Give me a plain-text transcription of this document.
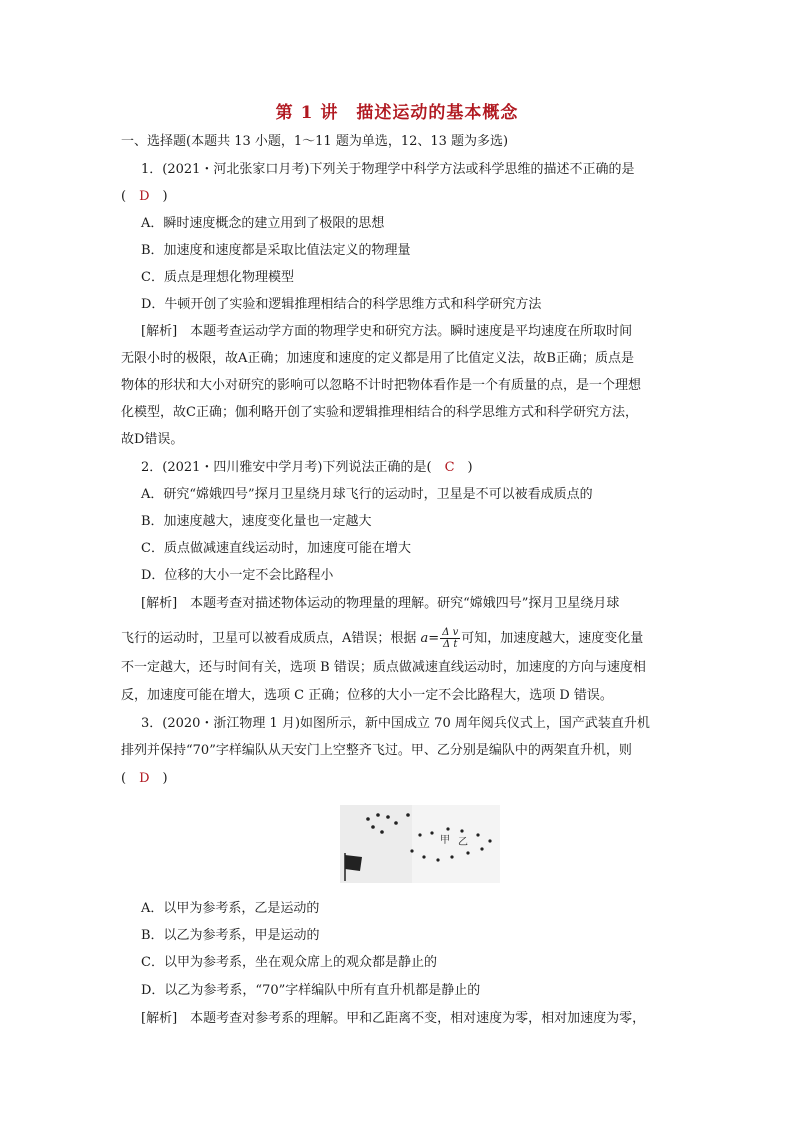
第 1 讲　描述运动的基本概念
一、选择题(本题共 13 小题，1～11 题为单选，12、13 题为多选)
1．(2021・河北张家口月考)下列关于物理学中科学方法或科学思维的描述不正确的是
(　D　)
A．瞬时速度概念的建立用到了极限的思想
B．加速度和速度都是采取比值法定义的物理量
C．质点是理想化物理模型
D．牛顿开创了实验和逻辑推理相结合的科学思维方式和科学研究方法
[解析]　本题考查运动学方面的物理学史和研究方法。瞬时速度是平均速度在所取时间
无限小时的极限，故A正确；加速度和速度的定义都是用了比值定义法，故B正确；质点是
物体的形状和大小对研究的影响可以忽略不计时把物体看作是一个有质量的点，是一个理想
化模型，故C正确；伽利略开创了实验和逻辑推理相结合的科学思维方式和科学研究方法，
故D错误。
2．(2021・四川雅安中学月考)下列说法正确的是(　C　)
A．研究“嫦娥四号”探月卫星绕月球飞行的运动时，卫星是不可以被看成质点的
B．加速度越大，速度变化量也一定越大
C．质点做减速直线运动时，加速度可能在增大
D．位移的大小一定不会比路程小
[解析]　本题考查对描述物体运动的物理量的理解。研究“嫦娥四号”探月卫星绕月球
飞行的运动时，卫星可以被看成质点，A错误；根据 $a= \frac{\text{Δ v}}{\text{Δ t}}$ 可知，加速度越大，速度变化量
不一定越大，还与时间有关，选项 B 错误；质点做减速直线运动时，加速度的方向与速度相
反，加速度可能在增大，选项 C 正确；位移的大小一定不会比路程大，选项 D 错误。
3．(2020・浙江物理 1 月)如图所示，新中国成立 70 周年阅兵仪式上，国产武装直升机
排列并保持“70”字样编队从天安门上空整齐飞过。甲、乙分别是编队中的两架直升机，则
(　D　)
甲 乙
A．以甲为参考系，乙是运动的
B．以乙为参考系，甲是运动的
C．以甲为参考系，坐在观众席上的观众都是静止的
D．以乙为参考系，“70”字样编队中所有直升机都是静止的
[解析]　本题考查对参考系的理解。甲和乙距离不变，相对速度为零，相对加速度为零，
